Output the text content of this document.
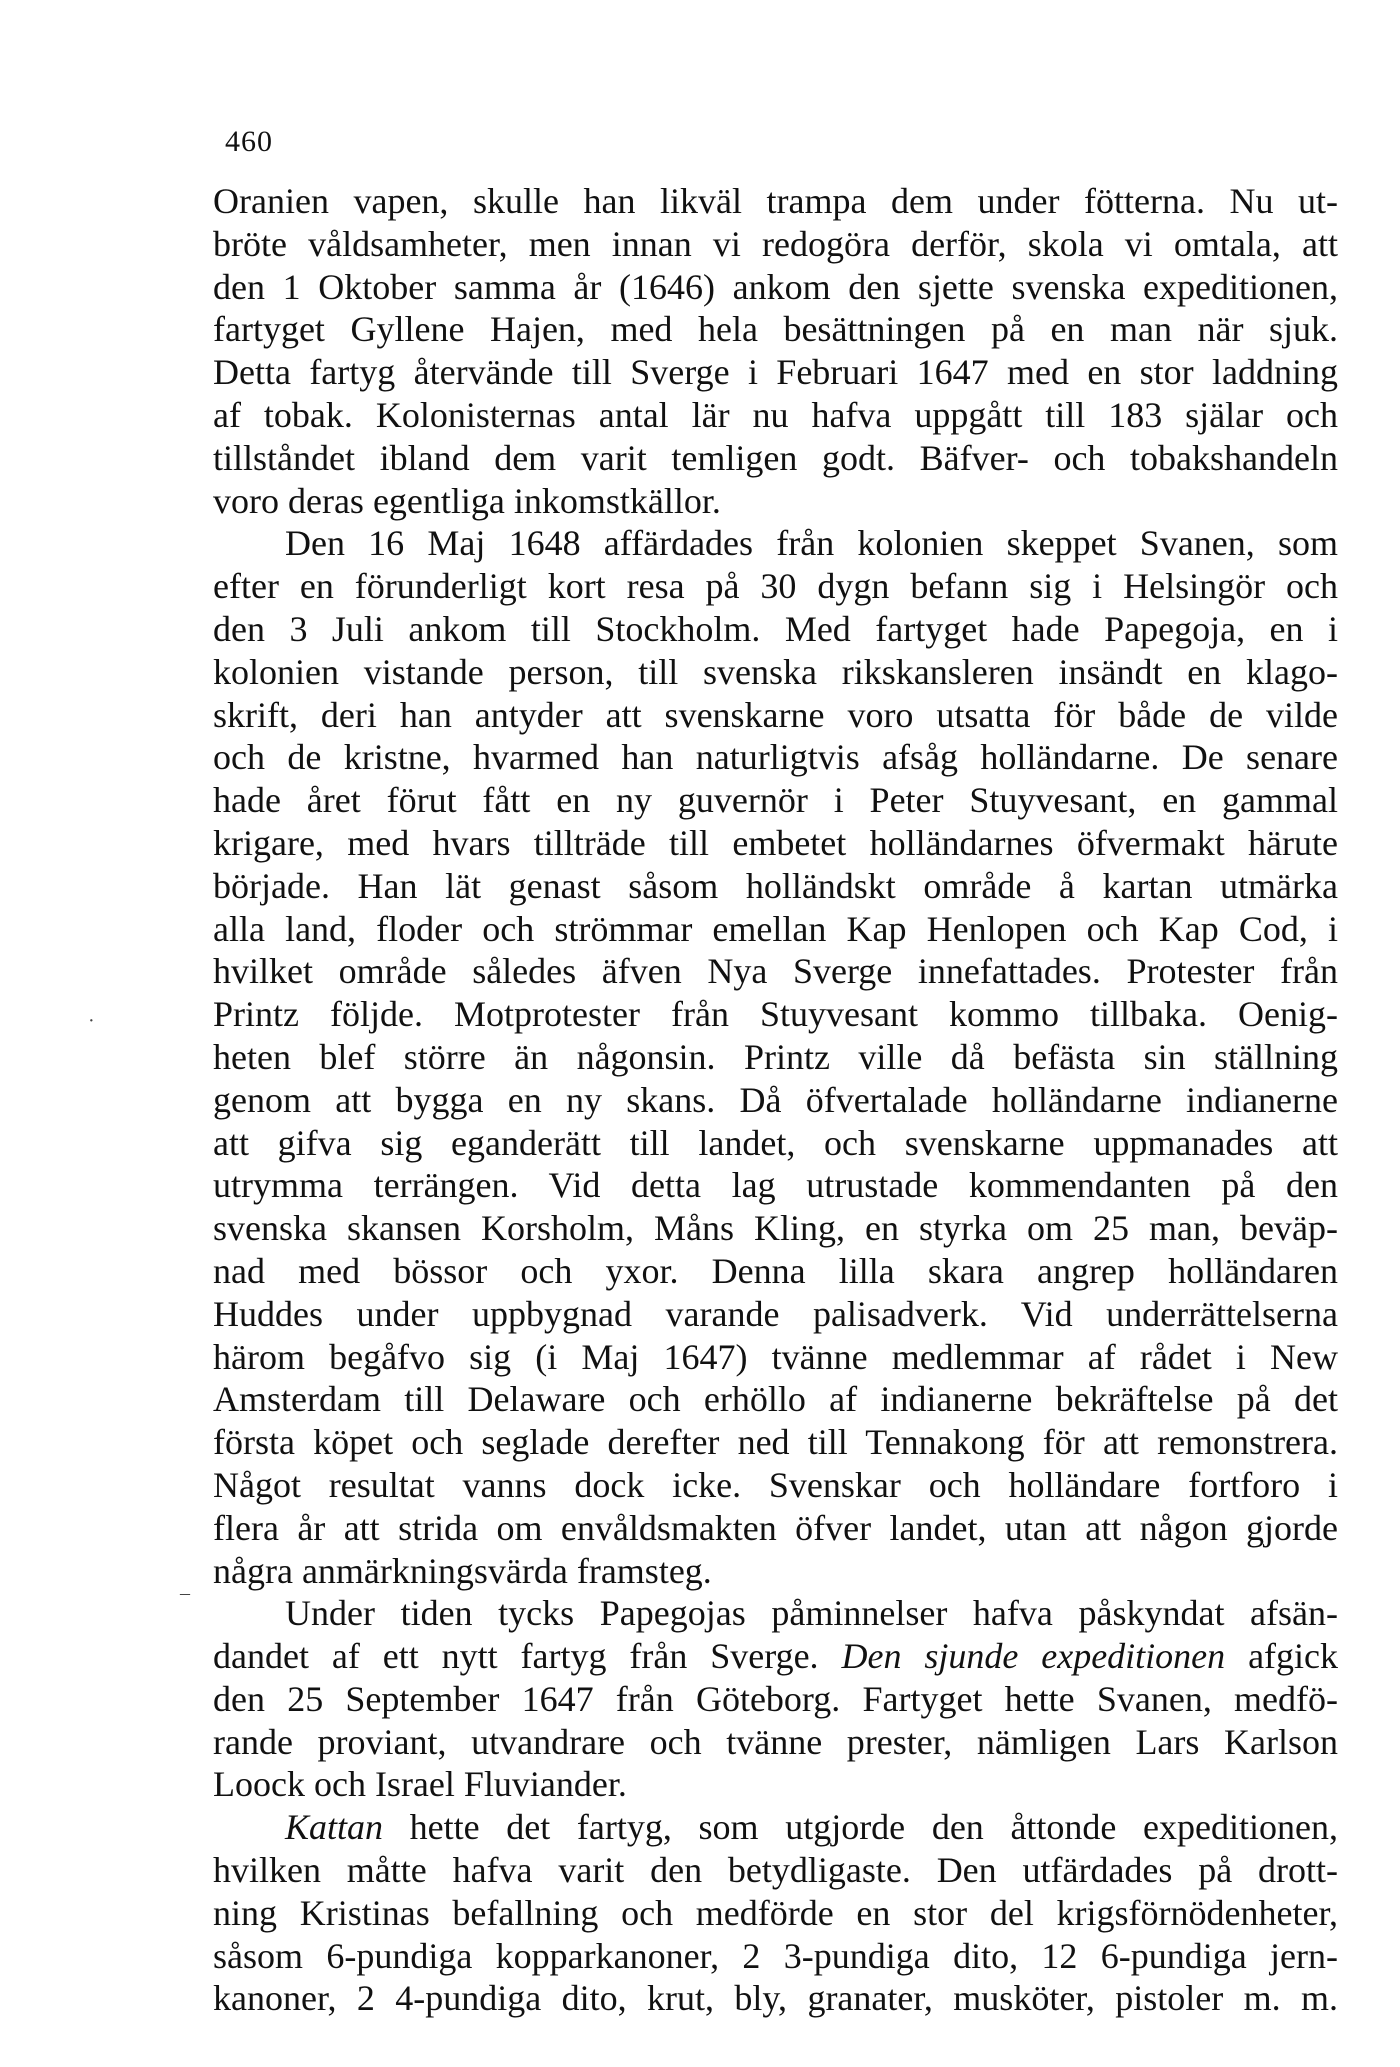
460
Oranien vapen, skulle han likväl trampa dem under fötterna. Nu ut-
bröte våldsamheter, men innan vi redogöra derför, skola vi omtala, att
den 1 Oktober samma år (1646) ankom den sjette svenska expeditionen,
fartyget Gyllene Hajen, med hela besättningen på en man när sjuk.
Detta fartyg återvände till Sverge i Februari 1647 med en stor laddning
af tobak. Kolonisternas antal lär nu hafva uppgått till 183 själar och
tillståndet ibland dem varit temligen godt. Bäfver- och tobakshandeln
voro deras egentliga inkomstkällor.
Den 16 Maj 1648 affärdades från kolonien skeppet Svanen, som
efter en förunderligt kort resa på 30 dygn befann sig i Helsingör och
den 3 Juli ankom till Stockholm. Med fartyget hade Papegoja, en i
kolonien vistande person, till svenska rikskansleren insändt en klago-
skrift, deri han antyder att svenskarne voro utsatta för både de vilde
och de kristne, hvarmed han naturligtvis afsåg holländarne. De senare
hade året förut fått en ny guvernör i Peter Stuyvesant, en gammal
krigare, med hvars tillträde till embetet holländarnes öfvermakt härute
började. Han lät genast såsom holländskt område å kartan utmärka
alla land, floder och strömmar emellan Kap Henlopen och Kap Cod, i
hvilket område således äfven Nya Sverge innefattades. Protester från
Printz följde. Motprotester från Stuyvesant kommo tillbaka. Oenig-
heten blef större än någonsin. Printz ville då befästa sin ställning
genom att bygga en ny skans. Då öfvertalade holländarne indianerne
att gifva sig eganderätt till landet, och svenskarne uppmanades att
utrymma terrängen. Vid detta lag utrustade kommendanten på den
svenska skansen Korsholm, Måns Kling, en styrka om 25 man, beväp-
nad med bössor och yxor. Denna lilla skara angrep holländaren
Huddes under uppbygnad varande palisadverk. Vid underrättelserna
härom begåfvo sig (i Maj 1647) tvänne medlemmar af rådet i New
Amsterdam till Delaware och erhöllo af indianerne bekräftelse på det
första köpet och seglade derefter ned till Tennakong för att remonstrera.
Något resultat vanns dock icke. Svenskar och holländare fortforo i
flera år att strida om envåldsmakten öfver landet, utan att någon gjorde
några anmärkningsvärda framsteg.
Under tiden tycks Papegojas påminnelser hafva påskyndat afsän-
dandet af ett nytt fartyg från Sverge. Den sjunde expeditionen afgick
den 25 September 1647 från Göteborg. Fartyget hette Svanen, medfö-
rande proviant, utvandrare och tvänne prester, nämligen Lars Karlson
Loock och Israel Fluviander.
Kattan hette det fartyg, som utgjorde den åttonde expeditionen,
hvilken måtte hafva varit den betydligaste. Den utfärdades på drott-
ning Kristinas befallning och medförde en stor del krigsförnödenheter,
såsom 6-pundiga kopparkanoner, 2 3-pundiga dito, 12 6-pundiga jern-
kanoner, 2 4-pundiga dito, krut, bly, granater, musköter, pistoler m. m.
·
–
